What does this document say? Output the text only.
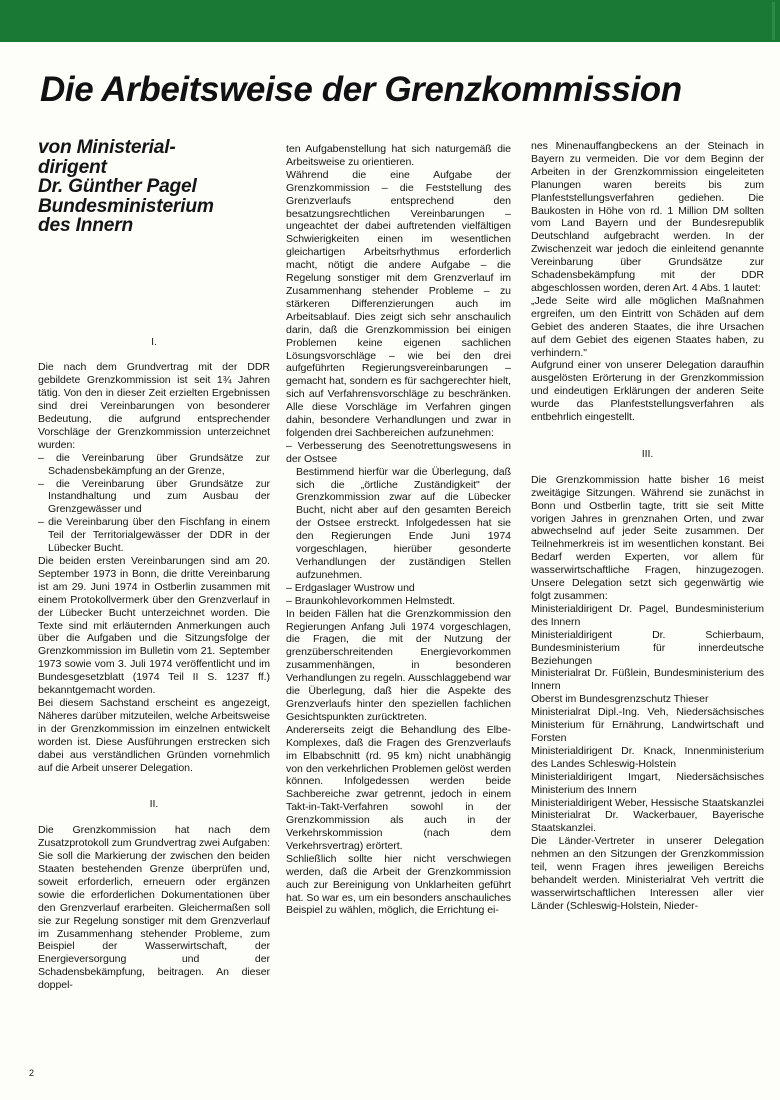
Die Arbeitsweise der Grenzkommission
von Ministerial-
dirigent
Dr. Günther Pagel
Bundesministerium
des Innern
I.

Die nach dem Grundvertrag mit der DDR gebildete Grenzkommission ist seit 1¾ Jahren tätig. Von den in dieser Zeit erzielten Ergebnissen sind drei Vereinbarungen von besonderer Bedeutung, die aufgrund entsprechender Vorschläge der Grenzkommission unterzeichnet wurden:

– die Vereinbarung über Grundsätze zur Schadensbekämpfung an der Grenze,
– die Vereinbarung über Grundsätze zur Instandhaltung und zum Ausbau der Grenzgewässer und
– die Vereinbarung über den Fischfang in einem Teil der Territorialgewässer der DDR in der Lübecker Bucht.

Die beiden ersten Vereinbarungen sind am 20. September 1973 in Bonn, die dritte Vereinbarung ist am 29. Juni 1974 in Ostberlin zusammen mit einem Protokollvermerk über den Grenzverlauf in der Lübecker Bucht unterzeichnet worden. Die Texte sind mit erläuternden Anmerkungen auch über die Aufgaben und die Sitzungsfolge der Grenzkommission im Bulletin vom 21. September 1973 sowie vom 3. Juli 1974 veröffentlicht und im Bundesgesetzblatt (1974 Teil II S. 1237 ff.) bekanntgemacht worden.

Bei diesem Sachstand erscheint es angezeigt, Näheres darüber mitzuteilen, welche Arbeitsweise in der Grenzkommission im einzelnen entwickelt worden ist. Diese Ausführungen erstrecken sich dabei aus verständlichen Gründen vornehmlich auf die Arbeit unserer Delegation.

II.

Die Grenzkommission hat nach dem Zusatzprotokoll zum Grundvertrag zwei Aufgaben: Sie soll die Markierung der zwischen den beiden Staaten bestehenden Grenze überprüfen und, soweit erforderlich, erneuern oder ergänzen sowie die erforderlichen Dokumentationen über den Grenzverlauf erarbeiten. Gleichermaßen soll sie zur Regelung sonstiger mit dem Grenzverlauf im Zusammenhang stehender Probleme, zum Beispiel der Wasserwirtschaft, der Energieversorgung und der Schadensbekämpfung, beitragen. An dieser doppel-

ten Aufgabenstellung hat sich naturgemäß die Arbeitsweise zu orientieren.

Während die eine Aufgabe der Grenzkommission – die Feststellung des Grenzverlaufs entsprechend den besatzungsrechtlichen Vereinbarungen – ungeachtet der dabei auftretenden vielfältigen Schwierigkeiten einen im wesentlichen gleichartigen Arbeitsrhythmus erforderlich macht, nötigt die andere Aufgabe – die Regelung sonstiger mit dem Grenzverlauf im Zusammenhang stehender Probleme – zu stärkeren Differenzierungen auch im Arbeitsablauf. Dies zeigt sich sehr anschaulich darin, daß die Grenzkommission bei einigen Problemen keine eigenen sachlichen Lösungsvorschläge – wie bei den drei aufgeführten Regierungsvereinbarungen – gemacht hat, sondern es für sachgerechter hielt, sich auf Verfahrensvorschläge zu beschränken. Alle diese Vorschläge im Verfahren gingen dahin, besondere Verhandlungen und zwar in folgenden drei Sachbereichen aufzunehmen:

– Verbesserung des Seenotrettungswesens in der Ostsee

Bestimmend hierfür war die Überlegung, daß sich die „örtliche Zuständigkeit" der Grenzkommission zwar auf die Lübecker Bucht, nicht aber auf den gesamten Bereich der Ostsee erstreckt. Infolgedessen hat sie den Regierungen Ende Juni 1974 vorgeschlagen, hierüber gesonderte Verhandlungen der zuständigen Stellen aufzunehmen.

– Erdgaslager Wustrow und

– Braunkohlevorkommen Helmstedt.

In beiden Fällen hat die Grenzkommission den Regierungen Anfang Juli 1974 vorgeschlagen, die Fragen, die mit der Nutzung der grenzüberschreitenden Energievorkommen zusammenhängen, in besonderen Verhandlungen zu regeln. Ausschlaggebend war die Überlegung, daß hier die Aspekte des Grenzverlaufs hinter den speziellen fachlichen Gesichtspunkten zurücktreten.

Andererseits zeigt die Behandlung des Elbe-Komplexes, daß die Fragen des Grenzverlaufs im Elbabschnitt (rd. 95 km) nicht unabhängig von den verkehrlichen Problemen gelöst werden können. Infolgedessen werden beide Sachbereiche zwar getrennt, jedoch in einem Takt-in-Takt-Verfahren sowohl in der Grenzkommission als auch in der Verkehrskommission (nach dem Verkehrsvertrag) erörtert.

Schließlich sollte hier nicht verschwiegen werden, daß die Arbeit der Grenzkommission auch zur Bereinigung von Unklarheiten geführt hat. So war es, um ein besonders anschauliches Beispiel zu wählen, möglich, die Errichtung ei-

nes Minenauffangbeckens an der Steinach in Bayern zu vermeiden. Die vor dem Beginn der Arbeiten in der Grenzkommission eingeleiteten Planungen waren bereits bis zum Planfeststellungsverfahren gediehen. Die Baukosten in Höhe von rd. 1 Million DM sollten vom Land Bayern und der Bundesrepublik Deutschland aufgebracht werden. In der Zwischenzeit war jedoch die einleitend genannte Vereinbarung über Grundsätze zur Schadensbekämpfung mit der DDR abgeschlossen worden, deren Art. 4 Abs. 1 lautet:

„Jede Seite wird alle möglichen Maßnahmen ergreifen, um den Eintritt von Schäden auf dem Gebiet des anderen Staates, die ihre Ursachen auf dem Gebiet des eigenen Staates haben, zu verhindern."

Aufgrund einer von unserer Delegation daraufhin ausgelösten Erörterung in der Grenzkommission und eindeutigen Erklärungen der anderen Seite wurde das Planfeststellungsverfahren als entbehrlich eingestellt.

III.

Die Grenzkommission hatte bisher 16 meist zweitägige Sitzungen. Während sie zunächst in Bonn und Ostberlin tagte, tritt sie seit Mitte vorigen Jahres in grenznahen Orten, und zwar abwechselnd auf jeder Seite zusammen. Der Teilnehmerkreis ist im wesentlichen konstant. Bei Bedarf werden Experten, vor allem für wasserwirtschaftliche Fragen, hinzugezogen. Unsere Delegation setzt sich gegenwärtig wie folgt zusammen:

Ministerialdirigent Dr. Pagel, Bundesministerium des Innern

Ministerialdirigent Dr. Schierbaum, Bundesministerium für innerdeutsche Beziehungen

Ministerialrat Dr. Füßlein, Bundesministerium des Innern

Oberst im Bundesgrenzschutz Thieser

Ministerialrat Dipl.-Ing. Veh, Niedersächsisches Ministerium für Ernährung, Landwirtschaft und Forsten

Ministerialdirigent Dr. Knack, Innenministerium des Landes Schleswig-Holstein

Ministerialdirigent Imgart, Niedersächsisches Ministerium des Innern

Ministerialdirigent Weber, Hessische Staatskanzlei

Ministerialrat Dr. Wackerbauer, Bayerische Staatskanzlei.

Die Länder-Vertreter in unserer Delegation nehmen an den Sitzungen der Grenzkommission teil, wenn Fragen ihres jeweiligen Bereichs behandelt werden. Ministerialrat Veh vertritt die wasserwirtschaftlichen Interessen aller vier Länder (Schleswig-Holstein, Nieder-

2
